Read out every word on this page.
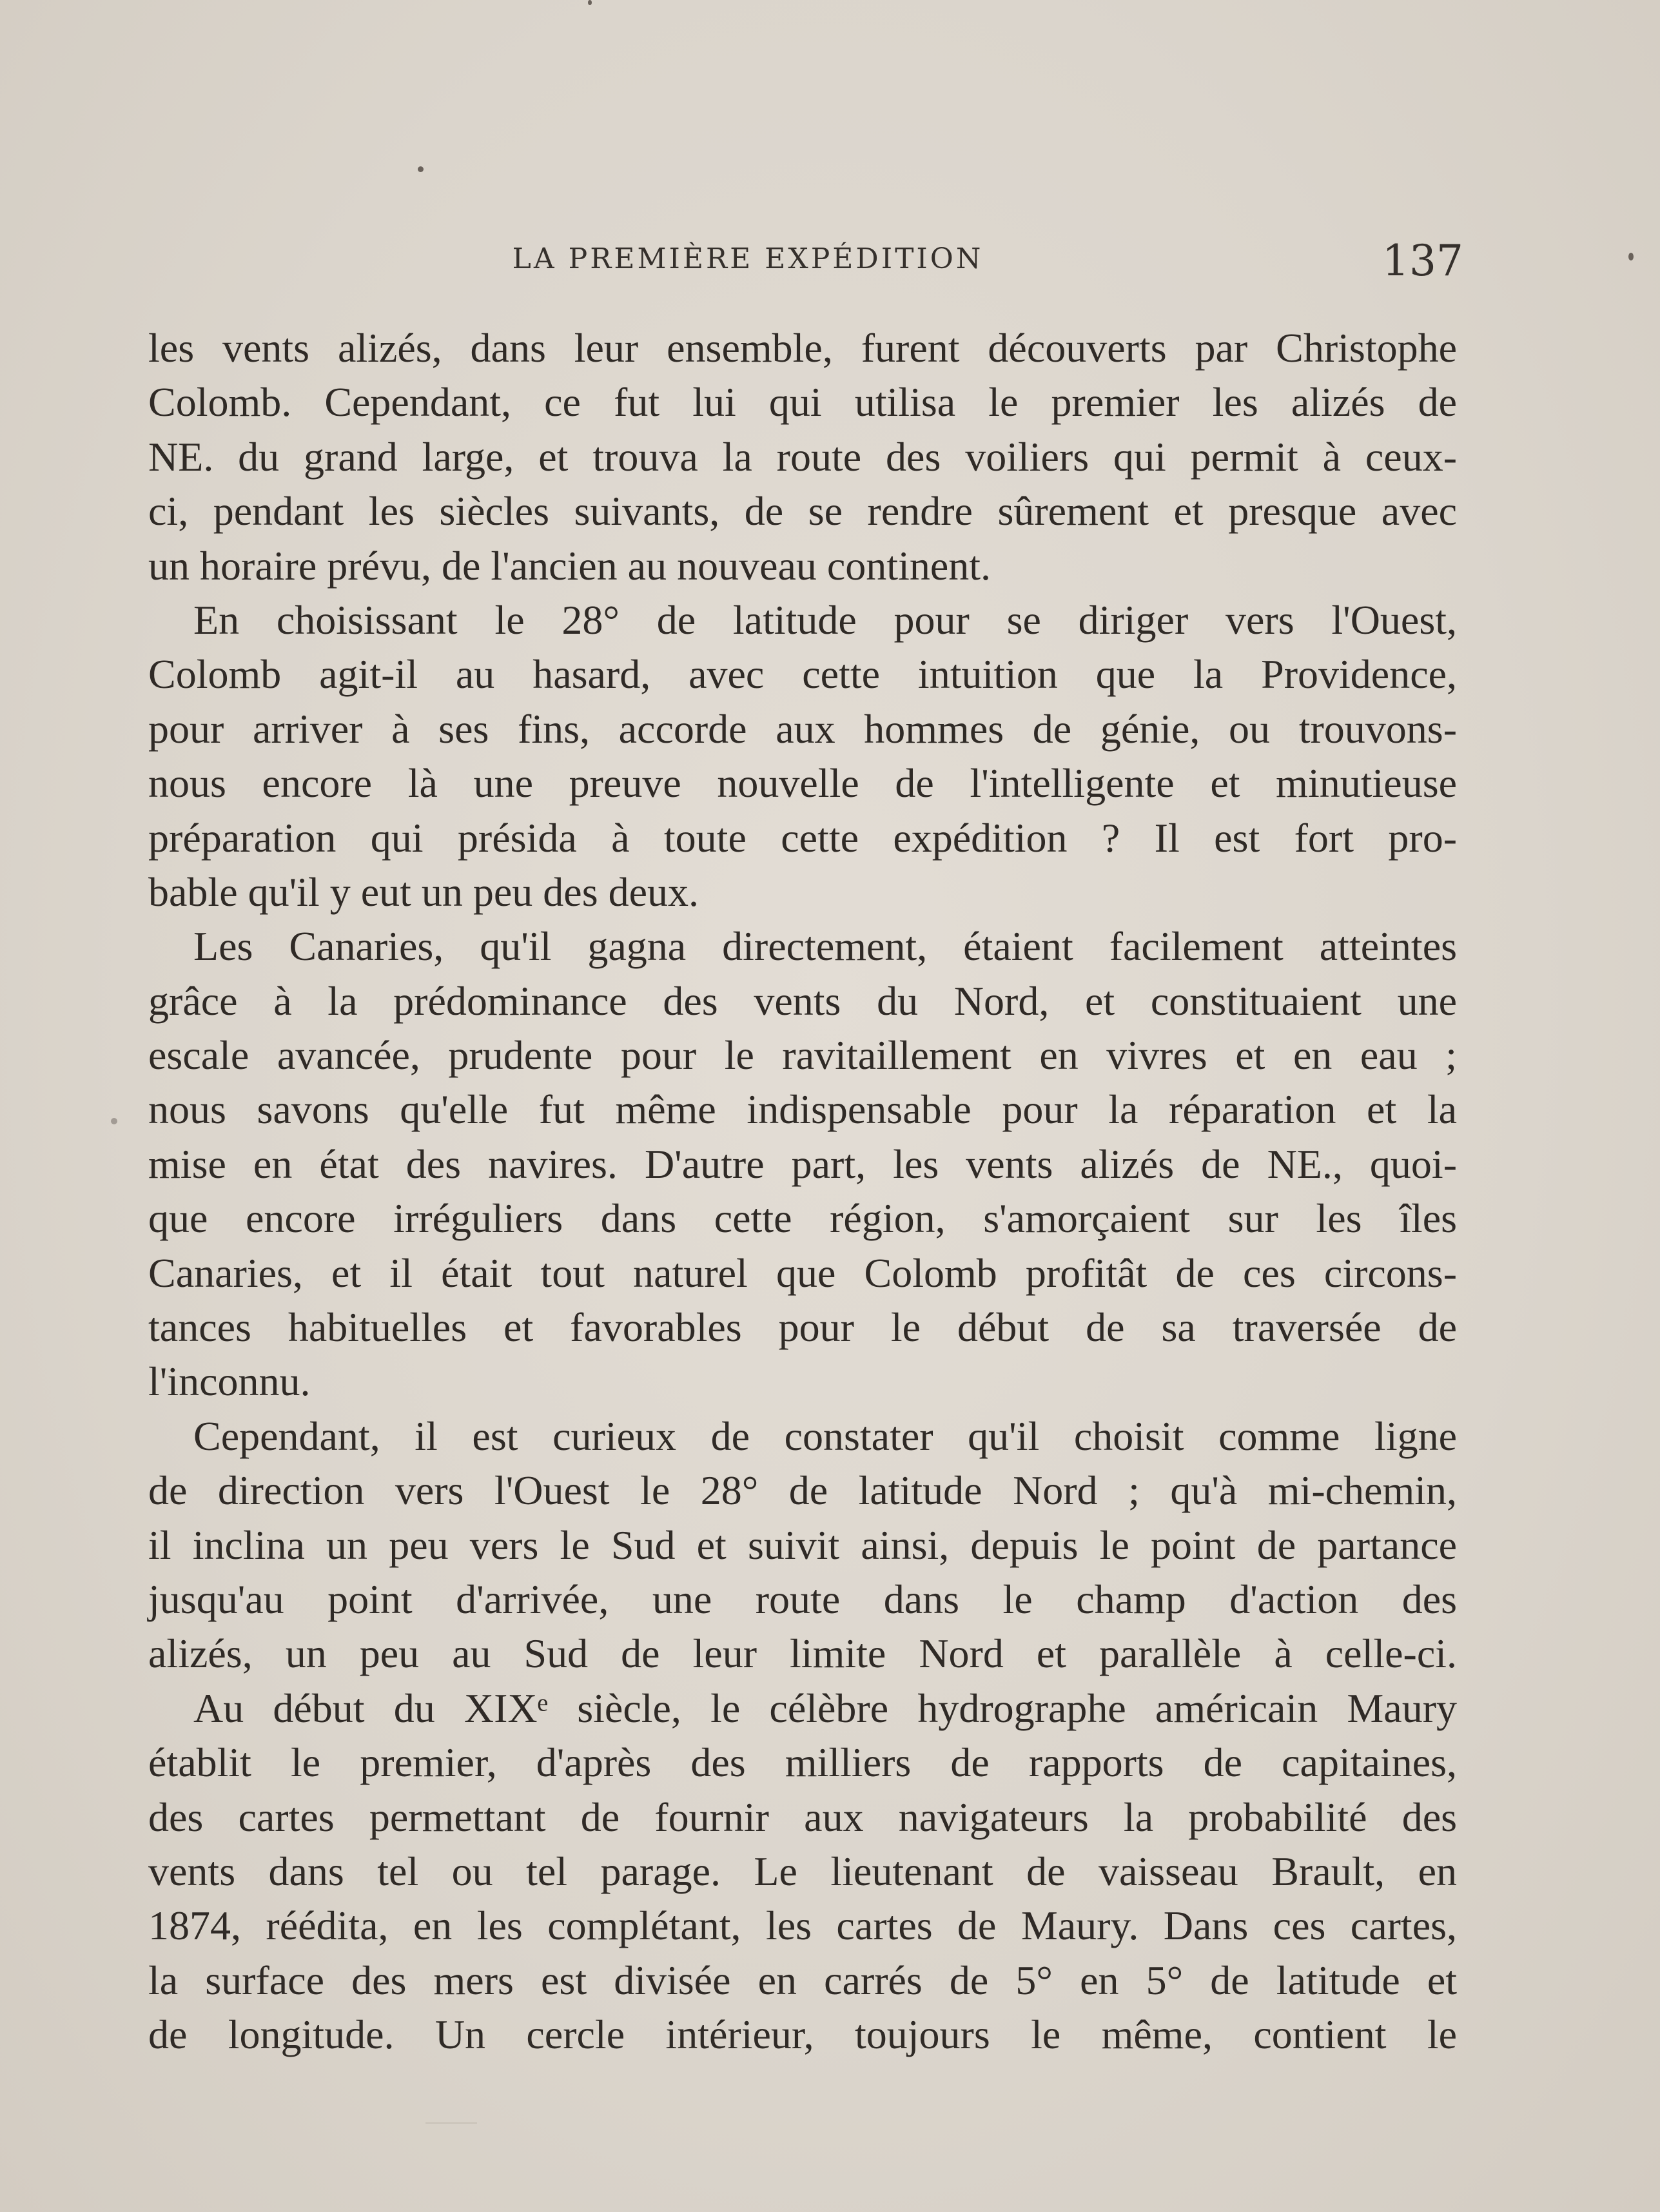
LA PREMIÈRE EXPÉDITION	137
les vents alizés, dans leur ensemble, furent découverts par Christophe
Colomb. Cependant, ce fut lui qui utilisa le premier les alizés de
NE. du grand large, et trouva la route des voiliers qui permit à ceux-
ci, pendant les siècles suivants, de se rendre sûrement et presque avec
un horaire prévu, de l'ancien au nouveau continent.
En choisissant le 28° de latitude pour se diriger vers l'Ouest,
Colomb agit-il au hasard, avec cette intuition que la Providence,
pour arriver à ses fins, accorde aux hommes de génie, ou trouvons-
nous encore là une preuve nouvelle de l'intelligente et minutieuse
préparation qui présida à toute cette expédition ? Il est fort pro-
bable qu'il y eut un peu des deux.
Les Canaries, qu'il gagna directement, étaient facilement atteintes
grâce à la prédominance des vents du Nord, et constituaient une
escale avancée, prudente pour le ravitaillement en vivres et en eau ;
nous savons qu'elle fut même indispensable pour la réparation et la
mise en état des navires. D'autre part, les vents alizés de NE., quoi-
que encore irréguliers dans cette région, s'amorçaient sur les îles
Canaries, et il était tout naturel que Colomb profitât de ces circons-
tances habituelles et favorables pour le début de sa traversée de
l'inconnu.
Cependant, il est curieux de constater qu'il choisit comme ligne
de direction vers l'Ouest le 28° de latitude Nord ; qu'à mi-chemin,
il inclina un peu vers le Sud et suivit ainsi, depuis le point de partance
jusqu'au point d'arrivée, une route dans le champ d'action des
alizés, un peu au Sud de leur limite Nord et parallèle à celle-ci.
Au début du XIXᵉ siècle, le célèbre hydrographe américain Maury
établit le premier, d'après des milliers de rapports de capitaines,
des cartes permettant de fournir aux navigateurs la probabilité des
vents dans tel ou tel parage. Le lieutenant de vaisseau Brault, en
1874, réédita, en les complétant, les cartes de Maury. Dans ces cartes,
la surface des mers est divisée en carrés de 5° en 5° de latitude et
de longitude. Un cercle intérieur, toujours le même, contient le
